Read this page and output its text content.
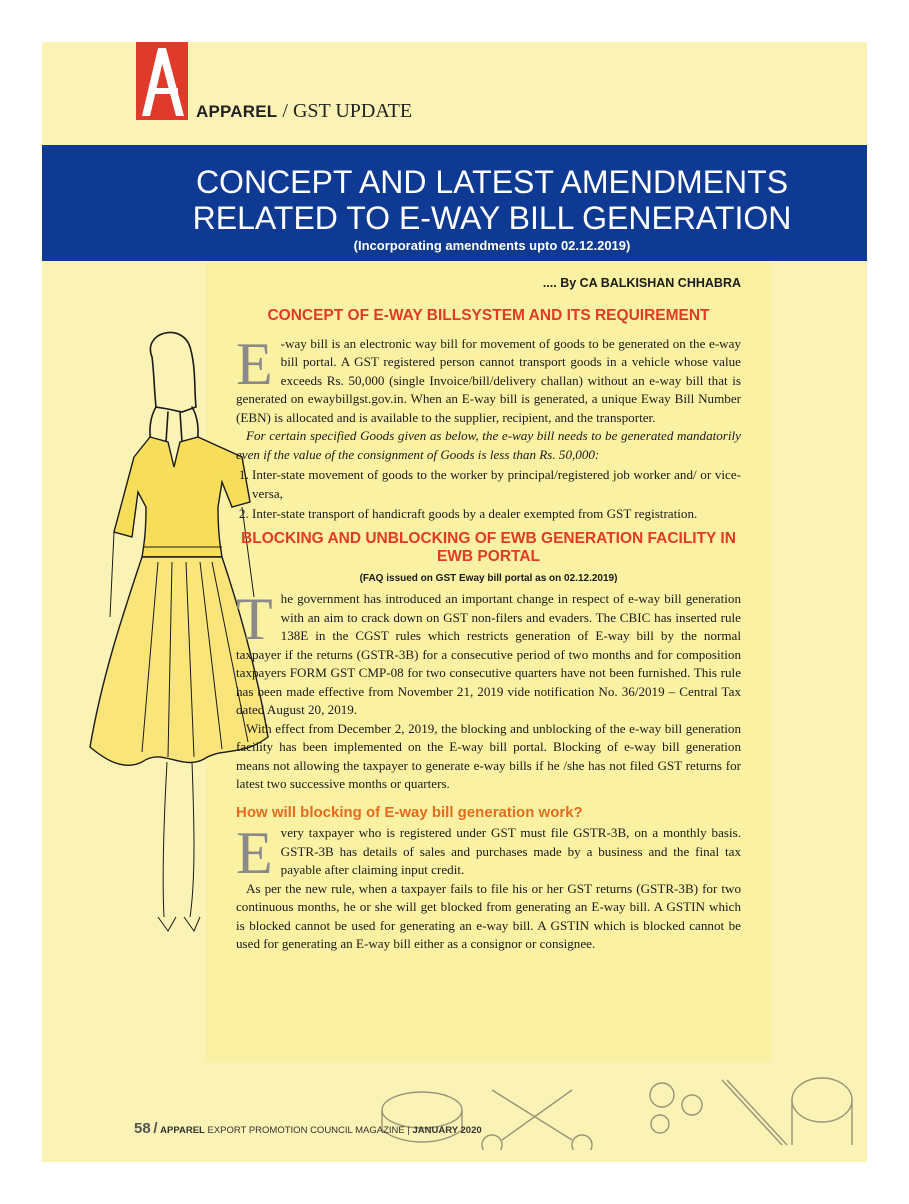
APPAREL / GST UPDATE
CONCEPT AND LATEST AMENDMENTS
RELATED TO E-WAY BILL GENERATION
(Incorporating amendments upto 02.12.2019)
.... By CA BALKISHAN CHHABRA
CONCEPT OF E-WAY BILLSYSTEM AND ITS REQUIREMENT

E -way bill is an electronic way bill for movement of goods to be generated on the e-way bill portal. A GST registered person cannot transport goods in a vehicle whose value exceeds Rs. 50,000 (single Invoice/bill/delivery challan) without an e-way bill that is generated on ewaybillgst.gov.in. When an E-way bill is generated, a unique Eway Bill Number (EBN) is allocated and is available to the supplier, recipient, and the transporter.

For certain specified Goods given as below, the e-way bill needs to be generated mandatorily even if the value of the consignment of Goods is less than Rs. 50,000:

1. Inter-state movement of goods to the worker by principal/registered job worker and/ or vice-versa,
2. Inter-state transport of handicraft goods by a dealer exempted from GST registration.
BLOCKING AND UNBLOCKING OF EWB GENERATION FACILITY IN EWB PORTAL
(FAQ issued on GST Eway bill portal as on 02.12.2019)

The government has introduced an important change in respect of e-way bill generation with an aim to crack down on GST non-filers and evaders. The CBIC has inserted rule 138E in the CGST rules which restricts generation of E-way bill by the normal taxpayer if the returns (GSTR-3B) for a consecutive period of two months and for composition taxpayers FORM GST CMP-08 for two consecutive quarters have not been furnished. This rule has been made effective from November 21, 2019 vide notification No. 36/2019 – Central Tax dated August 20, 2019.

With effect from December 2, 2019, the blocking and unblocking of the e-way bill generation facility has been implemented on the E-way bill portal. Blocking of e-way bill generation means not allowing the taxpayer to generate e-way bills if he /she has not filed GST returns for latest two successive months or quarters.

How will blocking of E-way bill generation work?

Every taxpayer who is registered under GST must file GSTR-3B, on a monthly basis. GSTR-3B has details of sales and purchases made by a business and the final tax payable after claiming input credit.

As per the new rule, when a taxpayer fails to file his or her GST returns (GSTR-3B) for two continuous months, he or she will get blocked from generating an E-way bill. A GSTIN which is blocked cannot be used for generating an e-way bill. A GSTIN which is blocked cannot be used for generating an E-way bill either as a consignor or consignee.

58 / APPAREL EXPORT PROMOTION COUNCIL MAGAZINE | JANUARY 2020
